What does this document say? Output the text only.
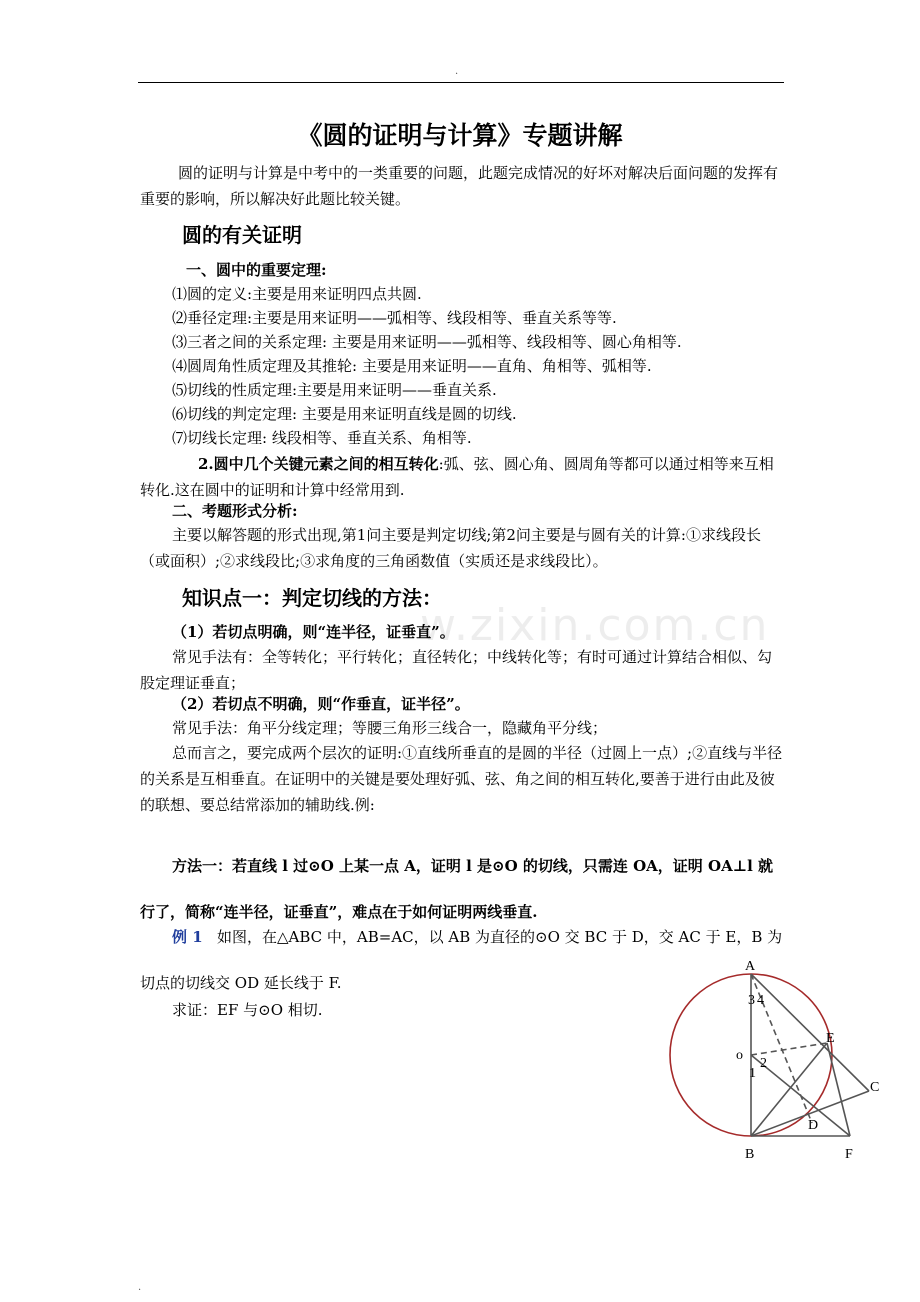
.
《圆的证明与计算》专题讲解
圆的证明与计算是中考中的一类重要的问题，此题完成情况的好坏对解决后面问题的发挥有重要的影响，所以解决好此题比较关键。
圆的有关证明
一、圆中的重要定理:
⑴圆的定义:主要是用来证明四点共圆.
⑵垂径定理:主要是用来证明——弧相等、线段相等、垂直关系等等.
⑶三者之间的关系定理: 主要是用来证明——弧相等、线段相等、圆心角相等.
⑷圆周角性质定理及其推轮: 主要是用来证明——直角、角相等、弧相等.
⑸切线的性质定理:主要是用来证明——垂直关系.
⑹切线的判定定理: 主要是用来证明直线是圆的切线.
⑺切线长定理: 线段相等、垂直关系、角相等.
2.圆中几个关键元素之间的相互转化:弧、弦、圆心角、圆周角等都可以通过相等来互相转化.这在圆中的证明和计算中经常用到.
二、考题形式分析:
主要以解答题的形式出现,第1问主要是判定切线;第2问主要是与圆有关的计算:①求线段长（或面积）;②求线段比;③求角度的三角函数值（实质还是求线段比）。
知识点一：判定切线的方法：
w.zixin.com.cn
（1）若切点明确，则“连半径，证垂直”。
常见手法有：全等转化；平行转化；直径转化；中线转化等；有时可通过计算结合相似、勾股定理证垂直；
（2）若切点不明确，则“作垂直，证半径”。
常见手法：角平分线定理；等腰三角形三线合一，隐藏角平分线；
总而言之，要完成两个层次的证明:①直线所垂直的是圆的半径（过圆上一点）;②直线与半径的关系是互相垂直。在证明中的关键是要处理好弧、弦、角之间的相互转化,要善于进行由此及彼的联想、要总结常添加的辅助线.例:
方法一：若直线 l 过⊙O 上某一点 A，证明 l 是⊙O 的切线，只需连 OA，证明 OA⊥l 就行了，简称“连半径，证垂直”，难点在于如何证明两线垂直.
例 1 如图，在△ABC 中，AB=AC，以 AB 为直径的⊙O 交 BC 于 D，交 AC 于 E，B 为切点的切线交 OD 延长线于 F.
求证：EF 与⊙O 相切.
A
B
C
D
E
F
o
3 4
2
1
.
